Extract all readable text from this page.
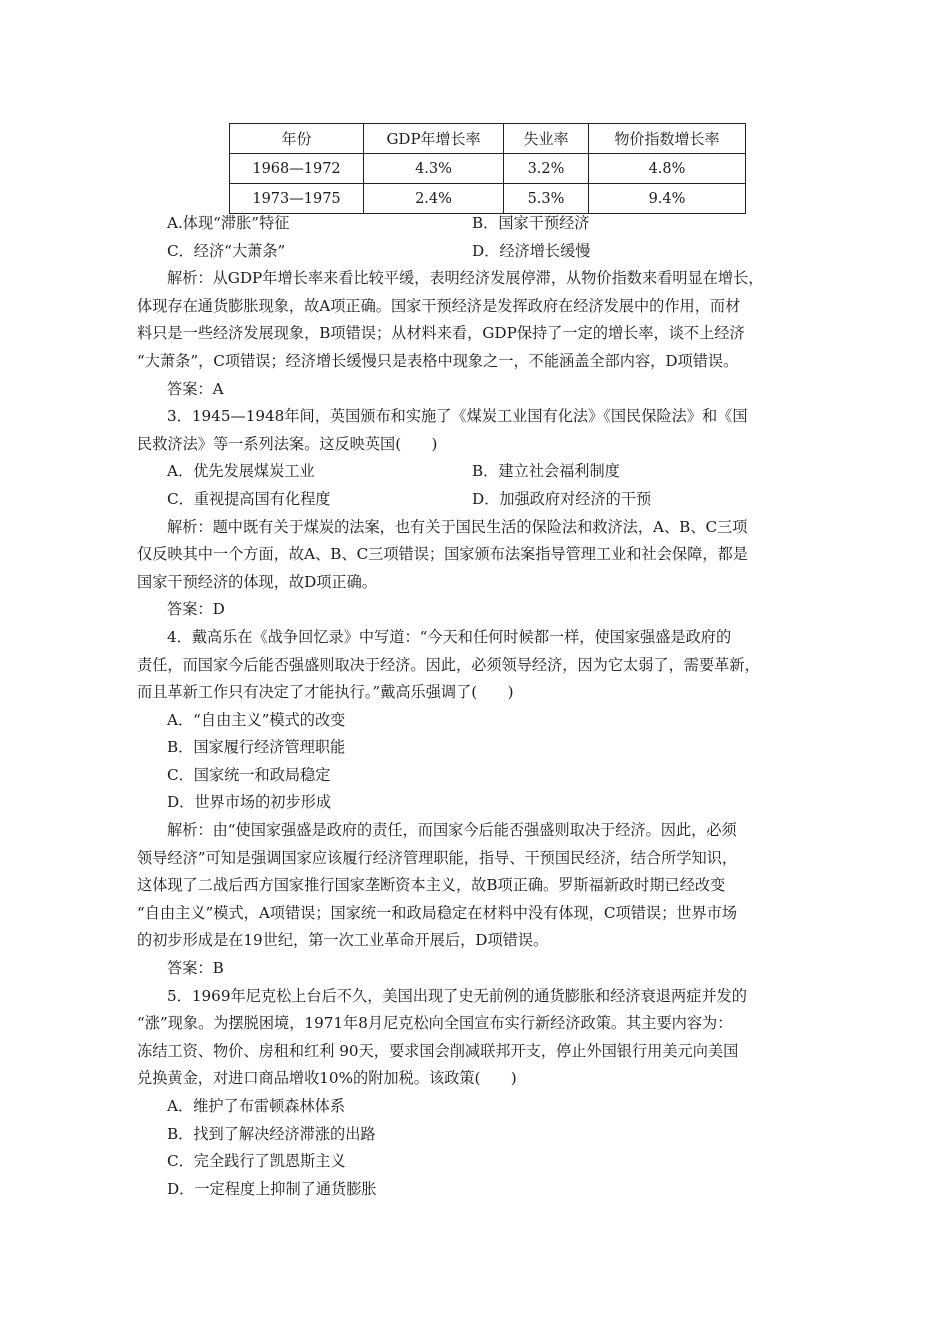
年份	GDP年增长率	失业率	物价指数增长率
1968—1972	4.3%	3.2%	4.8%
1973—1975	2.4%	5.3%	9.4%
A.体现“滞胀”特征	B．国家干预经济
C．经济“大萧条”	D．经济增长缓慢
解析：从GDP年增长率来看比较平缓，表明经济发展停滞，从物价指数来看明显在增长，
体现存在通货膨胀现象，故A项正确。国家干预经济是发挥政府在经济发展中的作用，而材
料只是一些经济发展现象，B项错误；从材料来看，GDP保持了一定的增长率，谈不上经济
“大萧条”，C项错误；经济增长缓慢只是表格中现象之一，不能涵盖全部内容，D项错误。
答案：A
3．1945—1948年间，英国颁布和实施了《煤炭工业国有化法》《国民保险法》和《国
民救济法》等一系列法案。这反映英国(　　)
A．优先发展煤炭工业	B．建立社会福利制度
C．重视提高国有化程度	D．加强政府对经济的干预
解析：题中既有关于煤炭的法案，也有关于国民生活的保险法和救济法，A、B、C三项
仅反映其中一个方面，故A、B、C三项错误；国家颁布法案指导管理工业和社会保障，都是
国家干预经济的体现，故D项正确。
答案：D
4．戴高乐在《战争回忆录》中写道：“今天和任何时候都一样，使国家强盛是政府的
责任，而国家今后能否强盛则取决于经济。因此，必须领导经济，因为它太弱了，需要革新，
而且革新工作只有决定了才能执行。”戴高乐强调了(　　)
A．“自由主义”模式的改变
B．国家履行经济管理职能
C．国家统一和政局稳定
D．世界市场的初步形成
解析：由“使国家强盛是政府的责任，而国家今后能否强盛则取决于经济。因此，必须
领导经济”可知是强调国家应该履行经济管理职能，指导、干预国民经济，结合所学知识，
这体现了二战后西方国家推行国家垄断资本主义，故B项正确。罗斯福新政时期已经改变
“自由主义”模式，A项错误；国家统一和政局稳定在材料中没有体现，C项错误；世界市场
的初步形成是在19世纪，第一次工业革命开展后，D项错误。
答案：B
5．1969年尼克松上台后不久，美国出现了史无前例的通货膨胀和经济衰退两症并发的
“涨”现象。为摆脱困境，1971年8月尼克松向全国宣布实行新经济政策。其主要内容为：
冻结工资、物价、房租和红利 90天，要求国会削减联邦开支，停止外国银行用美元向美国
兑换黄金，对进口商品增收10%的附加税。该政策(　　)
A．维护了布雷顿森林体系
B．找到了解决经济滞涨的出路
C．完全践行了凯恩斯主义
D．一定程度上抑制了通货膨胀
